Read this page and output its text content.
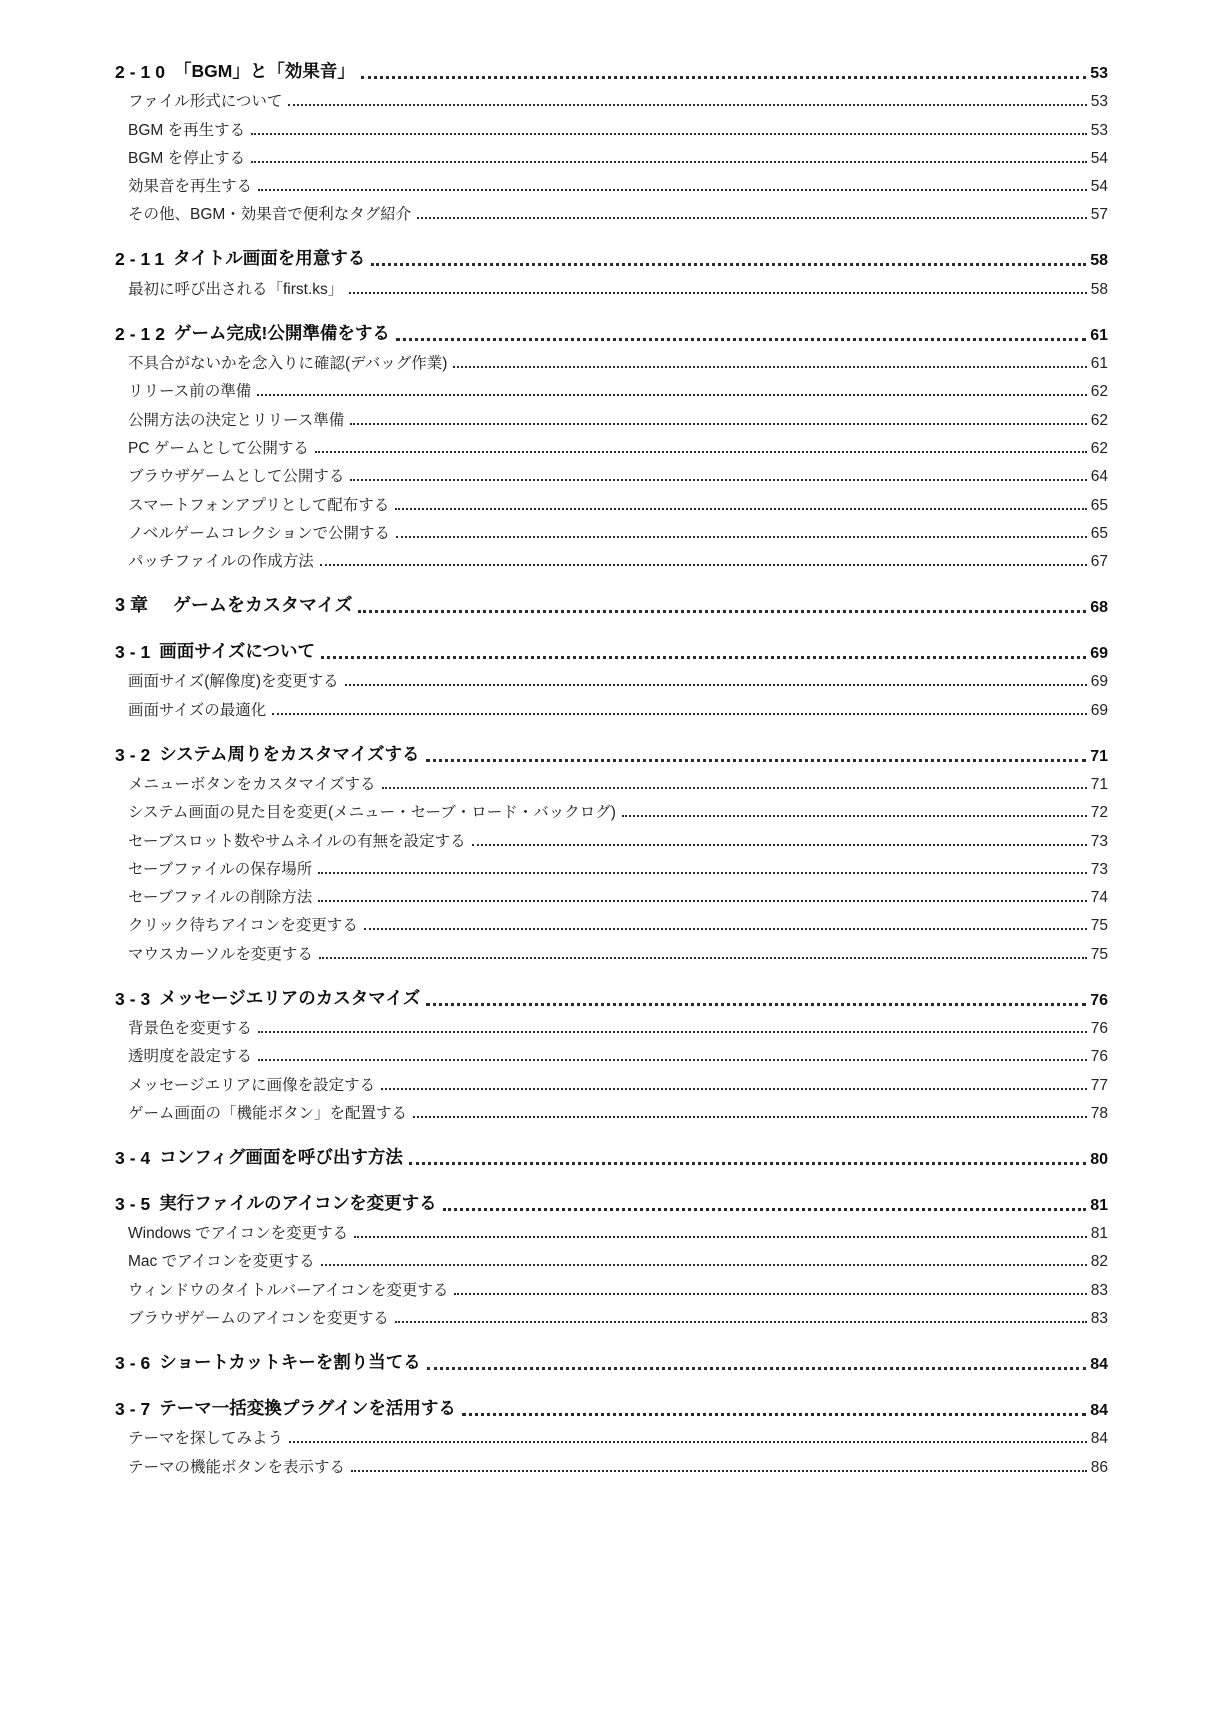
2-10 「BGM」と「効果音」	53
ファイル形式について	53
BGM を再生する	53
BGM を停止する	54
効果音を再生する	54
その他、BGM・効果音で便利なタグ紹介	57
2-11 タイトル画面を用意する	58
最初に呼び出される「first.ks」	58
2-12 ゲーム完成!公開準備をする	61
不具合がないかを念入りに確認(デバッグ作業)	61
リリース前の準備	62
公開方法の決定とリリース準備	62
PC ゲームとして公開する	62
ブラウザゲームとして公開する	64
スマートフォンアプリとして配布する	65
ノベルゲームコレクションで公開する	65
パッチファイルの作成方法	67
3章 ゲームをカスタマイズ	68
3-1 画面サイズについて	69
画面サイズ(解像度)を変更する	69
画面サイズの最適化	69
3-2 システム周りをカスタマイズする	71
メニューボタンをカスタマイズする	71
システム画面の見た目を変更(メニュー・セーブ・ロード・バックログ)	72
セーブスロット数やサムネイルの有無を設定する	73
セーブファイルの保存場所	73
セーブファイルの削除方法	74
クリック待ちアイコンを変更する	75
マウスカーソルを変更する	75
3-3 メッセージエリアのカスタマイズ	76
背景色を変更する	76
透明度を設定する	76
メッセージエリアに画像を設定する	77
ゲーム画面の「機能ボタン」を配置する	78
3-4 コンフィグ画面を呼び出す方法	80
3-5 実行ファイルのアイコンを変更する	81
Windows でアイコンを変更する	81
Mac でアイコンを変更する	82
ウィンドウのタイトルバーアイコンを変更する	83
ブラウザゲームのアイコンを変更する	83
3-6 ショートカットキーを割り当てる	84
3-7 テーマ一括変換プラグインを活用する	84
テーマを探してみよう	84
テーマの機能ボタンを表示する	86
